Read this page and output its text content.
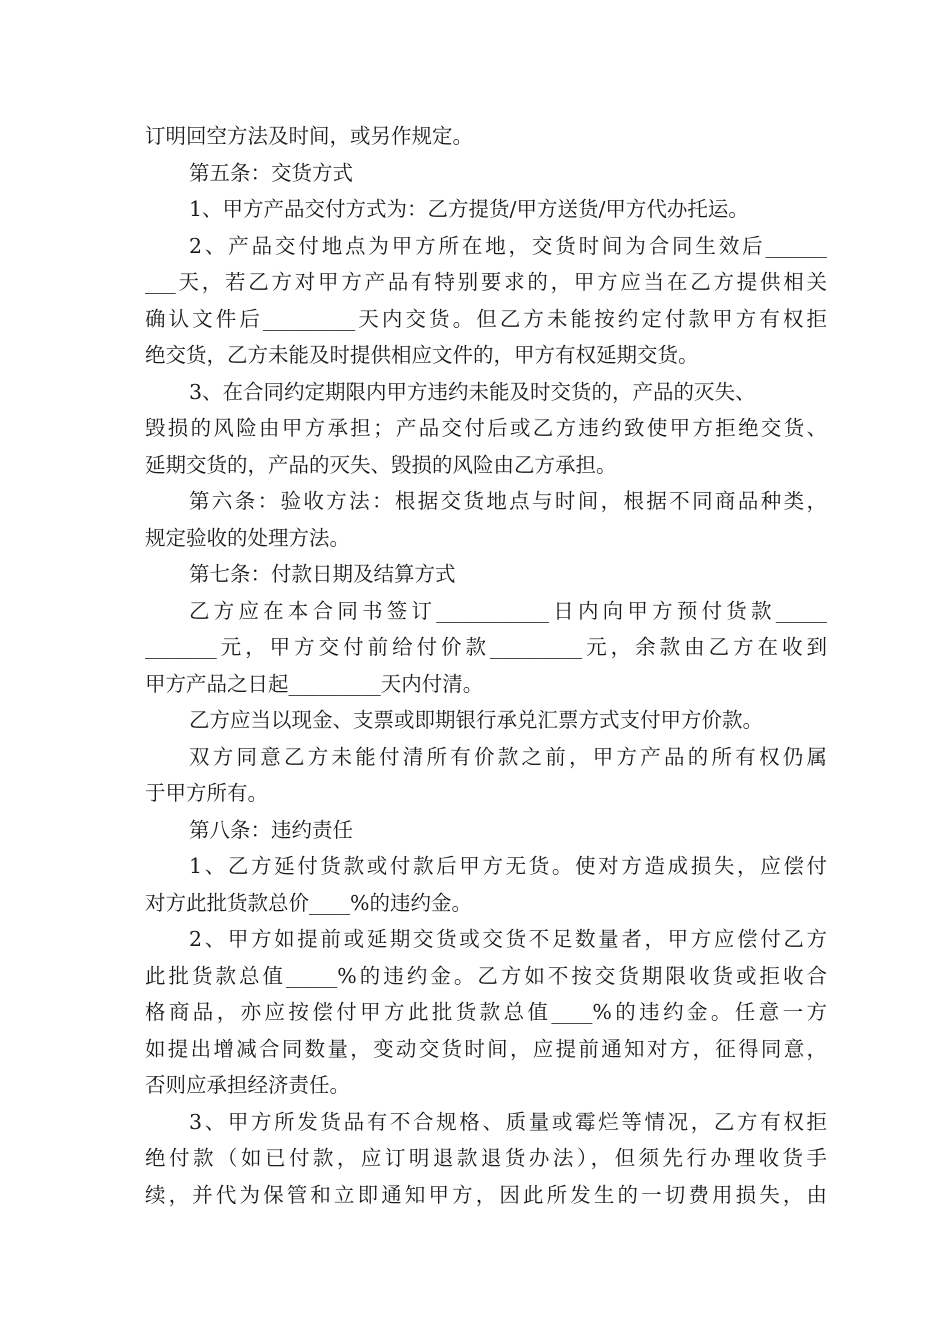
订明回空方法及时间，或另作规定。
第五条：交货方式
1、甲方产品交付方式为：乙方提货/甲方送货/甲方代办托运。
2、产品交付地点为甲方所在地，交货时间为合同生效后______
___天，若乙方对甲方产品有特别要求的，甲方应当在乙方提供相关
确认文件后_________天内交货。但乙方未能按约定付款甲方有权拒
绝交货，乙方未能及时提供相应文件的，甲方有权延期交货。
3、在合同约定期限内甲方违约未能及时交货的，产品的灭失、
毁损的风险由甲方承担；产品交付后或乙方违约致使甲方拒绝交货、
延期交货的，产品的灭失、毁损的风险由乙方承担。
第六条：验收方法：根据交货地点与时间，根据不同商品种类，
规定验收的处理方法。
第七条：付款日期及结算方式
乙方应在本合同书签订___________日内向甲方预付货款_____
_______元，甲方交付前给付价款_________元，余款由乙方在收到
甲方产品之日起_________天内付清。
乙方应当以现金、支票或即期银行承兑汇票方式支付甲方价款。
双方同意乙方未能付清所有价款之前，甲方产品的所有权仍属
于甲方所有。
第八条：违约责任
1、乙方延付货款或付款后甲方无货。使对方造成损失，应偿付
对方此批货款总价____%的违约金。
2、甲方如提前或延期交货或交货不足数量者，甲方应偿付乙方
此批货款总值_____%的违约金。乙方如不按交货期限收货或拒收合
格商品，亦应按偿付甲方此批货款总值____%的违约金。任意一方
如提出增减合同数量，变动交货时间，应提前通知对方，征得同意，
否则应承担经济责任。
3、甲方所发货品有不合规格、质量或霉烂等情况，乙方有权拒
绝付款（如已付款，应订明退款退货办法），但须先行办理收货手
续，并代为保管和立即通知甲方，因此所发生的一切费用损失，由
